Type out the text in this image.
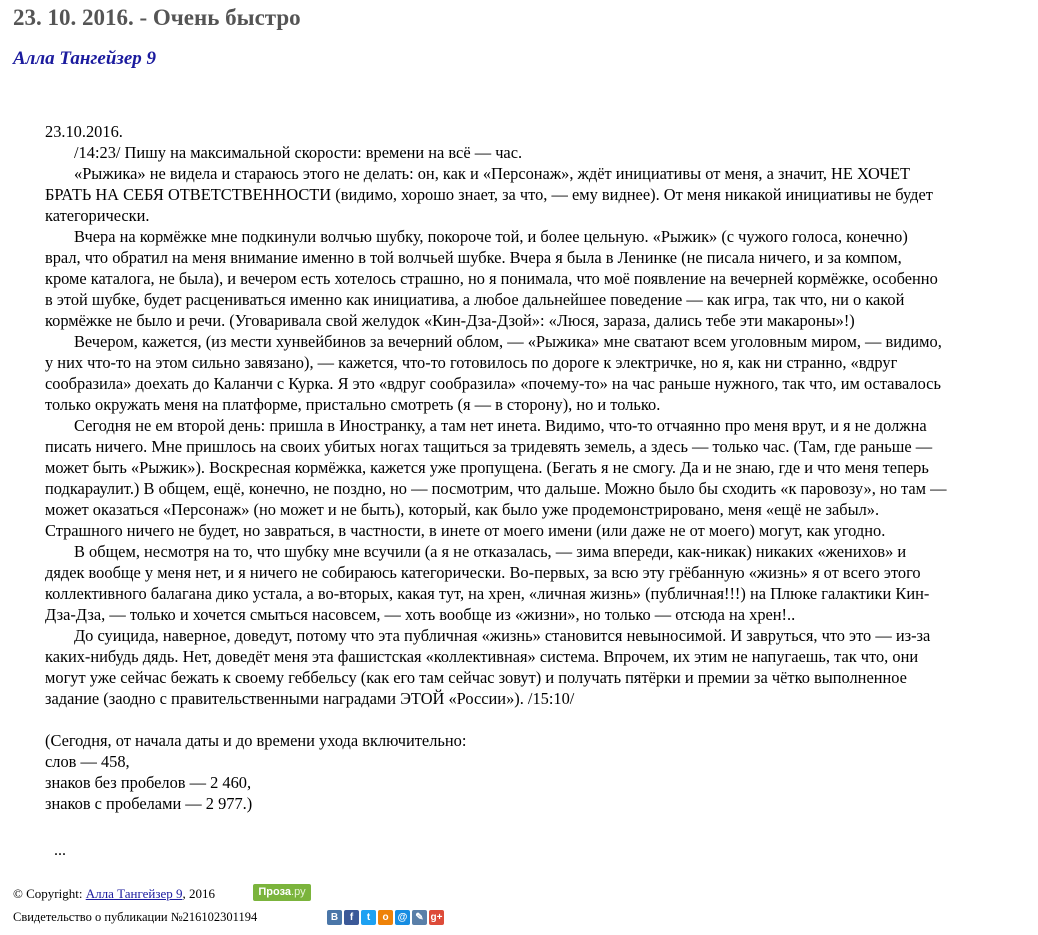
23. 10. 2016. - Очень быстро
Алла Тангейзер 9
23.10.2016.
/14:23/ Пишу на максимальной скорости: времени на всё — час.
«Рыжика» не видела и стараюсь этого не делать: он, как и «Персонаж», ждёт инициативы от меня, а значит, НЕ ХОЧЕТ
БРАТЬ НА СЕБЯ ОТВЕТСТВЕННОСТИ (видимо, хорошо знает, за что, — ему виднее). От меня никакой инициативы не будет
категорически.
Вчера на кормёжке мне подкинули волчью шубку, покороче той, и более цельную. «Рыжик» (с чужого голоса, конечно)
врал, что обратил на меня внимание именно в той волчьей шубке. Вчера я была в Ленинке (не писала ничего, и за компом,
кроме каталога, не была), и вечером есть хотелось страшно, но я понимала, что моё появление на вечерней кормёжке, особенно
в этой шубке, будет расцениваться именно как инициатива, а любое дальнейшее поведение — как игра, так что, ни о какой
кормёжке не было и речи. (Уговаривала свой желудок «Кин-Дза-Дзой»: «Люся, зараза, дались тебе эти макароны»!)
Вечером, кажется, (из мести хунвейбинов за вечерний облом, — «Рыжика» мне сватают всем уголовным миром, — видимо,
у них что-то на этом сильно завязано), — кажется, что-то готовилось по дороге к электричке, но я, как ни странно, «вдруг
сообразила» доехать до Каланчи с Курка. Я это «вдруг сообразила» «почему-то» на час раньше нужного, так что, им оставалось
только окружать меня на платформе, пристально смотреть (я — в сторону), но и только.
Сегодня не ем второй день: пришла в Иностранку, а там нет инета. Видимо, что-то отчаянно про меня врут, и я не должна
писать ничего. Мне пришлось на своих убитых ногах тащиться за тридевять земель, а здесь — только час. (Там, где раньше —
может быть «Рыжик»). Воскресная кормёжка, кажется уже пропущена. (Бегать я не смогу. Да и не знаю, где и что меня теперь
подкараулит.) В общем, ещё, конечно, не поздно, но — посмотрим, что дальше. Можно было бы сходить «к паровозу», но там —
может оказаться «Персонаж» (но может и не быть), который, как было уже продемонстрировано, меня «ещё не забыл».
Страшного ничего не будет, но завраться, в частности, в инете от моего имени (или даже не от моего) могут, как угодно.
В общем, несмотря на то, что шубку мне всучили (а я не отказалась, — зима впереди, как-никак) никаких «женихов» и
дядек вообще у меня нет, и я ничего не собираюсь категорически. Во-первых, за всю эту грёбанную «жизнь» я от всего этого
коллективного балагана дико устала, а во-вторых, какая тут, на хрен, «личная жизнь» (публичная!!!) на Плюке галактики Кин-
Дза-Дза, — только и хочется смыться насовсем, — хоть вообще из «жизни», но только — отсюда на хрен!..
До суицида, наверное, доведут, потому что эта публичная «жизнь» становится невыносимой. И завруться, что это — из-за
каких-нибудь дядь. Нет, доведёт меня эта фашистская «коллективная» система. Впрочем, их этим не напугаешь, так что, они
могут уже сейчас бежать к своему геббельсу (как его там сейчас зовут) и получать пятёрки и премии за чётко выполненное
задание (заодно с правительственными наградами ЭТОЙ «России»). /15:10/
(Сегодня, от начала даты и до времени ухода включительно:
слов — 458,
знаков без пробелов — 2 460,
знаков с пробелами — 2 977.)
...
© Copyright: Алла Тангейзер 9, 2016	Проза.ру
Свидетельство о публикации №216102301194	В	f	t	о @ ✎ g+
